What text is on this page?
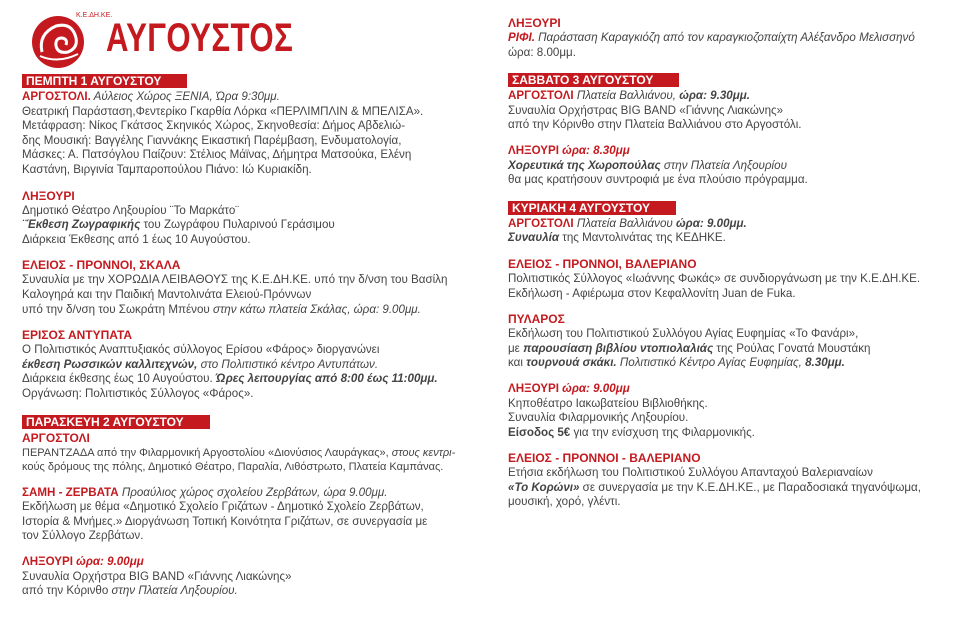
Κ.Ε.ΔΗ.ΚΕ.
ΑΥΓΟΥΣΤΟΣ
ΠΕΜΠΤΗ 1 ΑΥΓΟΥΣΤΟΥ

ΑΡΓΟΣΤΟΛΙ. Αύλειος Χώρος ΞΕΝΙΑ, Ώρα 9:30μμ.

Θεατρική Παράσταση,Φεντερίκο Γκαρθία Λόρκα «ΠΕΡΛΙΜΠΛΙΝ & ΜΠΕΛΙΣΑ».

Μετάφραση: Νίκος Γκάτσος Σκηνικός Χώρος, Σκηνοθεσία: Δήμος Αβδελιώ-

δης Μουσική: Βαγγέλης Γιαννάκης Εικαστική Παρέμβαση, Ενδυματολογία,

Μάσκες: Α. Πατσόγλου Παίζουν: Στέλιος Μάϊνας, Δήμητρα Ματσούκα, Ελένη

Καστάνη, Βιργινία Ταμπαροπούλου Πιάνο: Ιώ Κυριακίδη.

ΛΗΞΟΥΡΙ

Δημοτικό Θέατρο Ληξουρίου ¨Το Μαρκάτο¨

¨Έκθεση Ζωγραφικής του Ζωγράφου Πυλαρινού Γεράσιμου

Διάρκεια Έκθεσης από 1 έως 10 Αυγούστου.

ΕΛΕΙΟΣ - ΠΡΟΝΝΟΙ, ΣΚΑΛΑ

Συναυλία με την ΧΟΡΩΔΙΑ ΛΕΙΒΑΘΟΥΣ της Κ.Ε.ΔΗ.ΚΕ. υπό την δ/νση του Βασίλη

Καλογηρά και την Παιδική Μαντολινάτα Ελειού-Πρόννων

υπό την δ/νση του Σωκράτη Μπένου στην κάτω πλατεία Σκάλας, ώρα: 9.00μμ.

ΕΡΙΣΟΣ ΑΝΤΥΠΑΤΑ

Ο Πολιτιστικός Αναπτυξιακός σύλλογος Ερίσου «Φάρος» διοργανώνει

έκθεση Ρωσσικών καλλιτεχνών, στο Πολιτιστικό κέντρο Αντυπάτων.

Διάρκεια έκθεσης έως 10 Αυγούστου. Ώρες λειτουργίας από 8:00 έως 11:00μμ.

Οργάνωση: Πολιτιστικός Σύλλογος «Φάρος».

ΠΑΡΑΣΚΕΥΗ 2 ΑΥΓΟΥΣΤΟΥ

ΑΡΓΟΣΤΟΛΙ

ΠΕΡΑΝΤΖΑΔΑ από την Φιλαρμονική Αργοστολίου «Διονύσιος Λαυράγκας», στους κεντρι-

κούς δρόμους της πόλης, Δημοτικό Θέατρο, Παραλία, Λιθόστρωτο, Πλατεία Καμπάνας.

ΣΑΜΗ - ΖΕΡΒΑΤΑ Προαύλιος χώρος σχολείου Ζερβάτων, ώρα 9.00μμ.

Εκδήλωση με θέμα «Δημοτικό Σχολείο Γριζάτων - Δημοτικό Σχολείο Ζερβάτων,

Ιστορία & Μνήμες.» Διοργάνωση Τοπική Κοινότητα Γριζάτων, σε συνεργασία με

τον Σύλλογο Ζερβάτων.

ΛΗΞΟΥΡΙ ώρα: 9.00μμ

Συναυλία Ορχήστρα BIG BAND «Γιάννης Λιακώνης»

από την Κόρινθο στην Πλατεία Ληξουρίου.

ΛΗΞΟΥΡΙ

ΡΙΦΙ. Παράσταση Καραγκιόζη από τον καραγκιοζοπαίχτη Αλέξανδρο Μελισσηνό

ώρα: 8.00μμ.

ΣΑΒΒΑΤΟ 3 ΑΥΓΟΥΣΤΟΥ

ΑΡΓΟΣΤΟΛΙ Πλατεία Βαλλιάνου, ώρα: 9.30μμ.

Συναυλία Ορχήστρας BIG BAND «Γιάννης Λιακώνης»

από την Κόρινθο στην Πλατεία Βαλλιάνου στο Αργοστόλι.

ΛΗΞΟΥΡΙ ώρα: 8.30μμ

Χορευτικά της Χωροπούλας στην Πλατεία Ληξουρίου

θα μας κρατήσουν συντροφιά με ένα πλούσιο πρόγραμμα.

ΚΥΡΙΑΚΗ 4 ΑΥΓΟΥΣΤΟΥ

ΑΡΓΟΣΤΟΛΙ Πλατεία Βαλλιάνου ώρα: 9.00μμ.

Συναυλία της Μαντολινάτας της ΚΕΔΗΚΕ.

ΕΛΕΙΟΣ - ΠΡΟΝΝΟΙ, ΒΑΛΕΡΙΑΝΟ

Πολιτιστικός Σύλλογος «Ιωάννης Φωκάς» σε συνδιοργάνωση με την Κ.Ε.ΔΗ.ΚΕ.

Εκδήλωση - Αφιέρωμα στον Κεφαλλονίτη Juan de Fuka.

ΠΥΛΑΡΟΣ

Εκδήλωση του Πολιτιστικού Συλλόγου Αγίας Ευφημίας «Το Φανάρι»,

με παρουσίαση βιβλίου ντοπιολαλιάς της Ρούλας Γονατά Μουστάκη

και τουρνουά σκάκι. Πολιτιστικό Κέντρο Αγίας Ευφημίας, 8.30μμ.

ΛΗΞΟΥΡΙ ώρα: 9.00μμ

Κηποθέατρο Ιακωβατείου Βιβλιοθήκης.

Συναυλία Φιλαρμονικής Ληξουρίου.

Είσοδος 5€ για την ενίσχυση της Φιλαρμονικής.

ΕΛΕΙΟΣ - ΠΡΟΝΝΟΙ - ΒΑΛΕΡΙΑΝΟ

Ετήσια εκδήλωση του Πολιτιστικού Συλλόγου Απανταχού Βαλεριαναίων

«Το Κορώνι» σε συνεργασία με την Κ.Ε.ΔΗ.ΚΕ., με Παραδοσιακά τηγανόψωμα,

μουσική, χορό, γλέντι.
